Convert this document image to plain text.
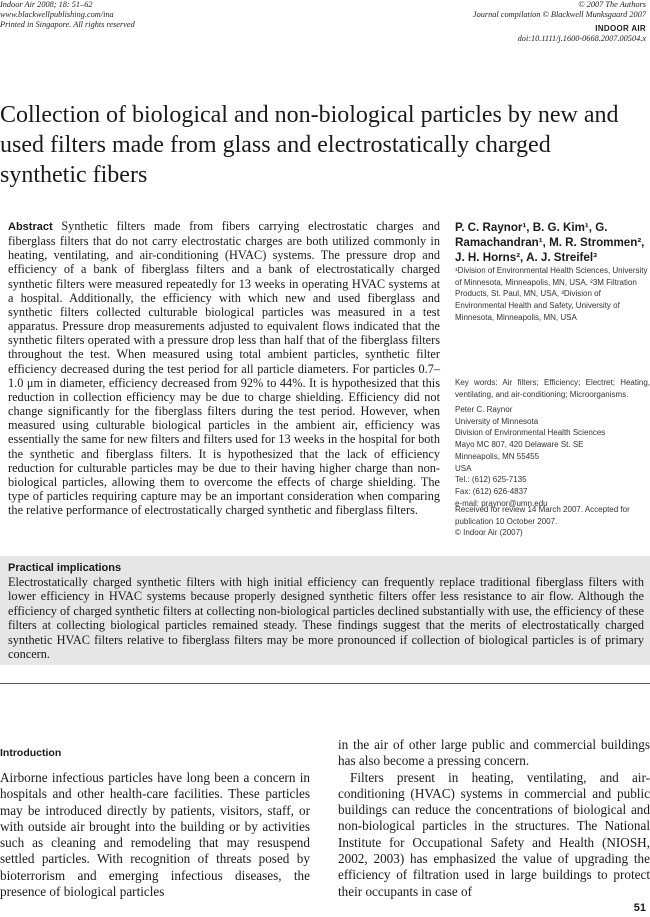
Indoor Air 2008; 18: 51–62
www.blackwellpublishing.com/ina
Printed in Singapore. All rights reserved
© 2007 The Authors
Journal compilation © Blackwell Munksgaard 2007
INDOOR AIR
doi:10.1111/j.1600-0668.2007.00504.x
Collection of biological and non-biological particles by new and used filters made from glass and electrostatically charged synthetic fibers
Abstract Synthetic filters made from fibers carrying electrostatic charges and fiberglass filters that do not carry electrostatic charges are both utilized commonly in heating, ventilating, and air-conditioning (HVAC) systems. The pressure drop and efficiency of a bank of fiberglass filters and a bank of electrostatically charged synthetic filters were measured repeatedly for 13 weeks in operating HVAC systems at a hospital. Additionally, the efficiency with which new and used fiberglass and synthetic filters collected culturable biological particles was measured in a test apparatus. Pressure drop measurements adjusted to equivalent flows indicated that the synthetic filters operated with a pressure drop less than half that of the fiberglass filters throughout the test. When measured using total ambient particles, synthetic filter efficiency decreased during the test period for all particle diameters. For particles 0.7–1.0 μm in diameter, efficiency decreased from 92% to 44%. It is hypothesized that this reduction in collection efficiency may be due to charge shielding. Efficiency did not change significantly for the fiberglass filters during the test period. However, when measured using culturable biological particles in the ambient air, efficiency was essentially the same for new filters and filters used for 13 weeks in the hospital for both the synthetic and fiberglass filters. It is hypothesized that the lack of efficiency reduction for culturable particles may be due to their having higher charge than non-biological particles, allowing them to overcome the effects of charge shielding. The type of particles requiring capture may be an important consideration when comparing the relative performance of electrostatically charged synthetic and fiberglass filters.
P. C. Raynor¹, B. G. Kim¹, G. Ramachandran¹, M. R. Strommen², J. H. Horns², A. J. Streifel³
¹Division of Environmental Health Sciences, University of Minnesota, Minneapolis, MN, USA, ²3M Filtration Products, St. Paul, MN, USA, ³Division of Environmental Health and Safety, University of Minnesota, Minneapolis, MN, USA
Key words: Air filters; Efficiency; Electret; Heating, ventilating, and air-conditioning; Microorganisms.
Peter C. Raynor
University of Minnesota
Division of Environmental Health Sciences
Mayo MC 807, 420 Delaware St. SE
Minneapolis, MN 55455
USA
Tel.: (612) 625-7135
Fax: (612) 626-4837
e-mail: praynor@umn.edu
Received for review 14 March 2007. Accepted for publication 10 October 2007.
© Indoor Air (2007)
Practical implications
Electrostatically charged synthetic filters with high initial efficiency can frequently replace traditional fiberglass filters with lower efficiency in HVAC systems because properly designed synthetic filters offer less resistance to air flow. Although the efficiency of charged synthetic filters at collecting non-biological particles declined substantially with use, the efficiency of these filters at collecting biological particles remained steady. These findings suggest that the merits of electrostatically charged synthetic HVAC filters relative to fiberglass filters may be more pronounced if collection of biological particles is of primary concern.
Introduction

Airborne infectious particles have long been a concern in hospitals and other health-care facilities. These particles may be introduced directly by patients, visitors, staff, or with outside air brought into the building or by activities such as cleaning and remodeling that may resuspend settled particles. With recognition of threats posed by bioterrorism and emerging infectious diseases, the presence of biological particles

in the air of other large public and commercial buildings has also become a pressing concern.

Filters present in heating, ventilating, and air-conditioning (HVAC) systems in commercial and public buildings can reduce the concentrations of biological and non-biological particles in the structures. The National Institute for Occupational Safety and Health (NIOSH, 2002, 2003) has emphasized the value of upgrading the efficiency of filtration used in large buildings to protect their occupants in case of

51
